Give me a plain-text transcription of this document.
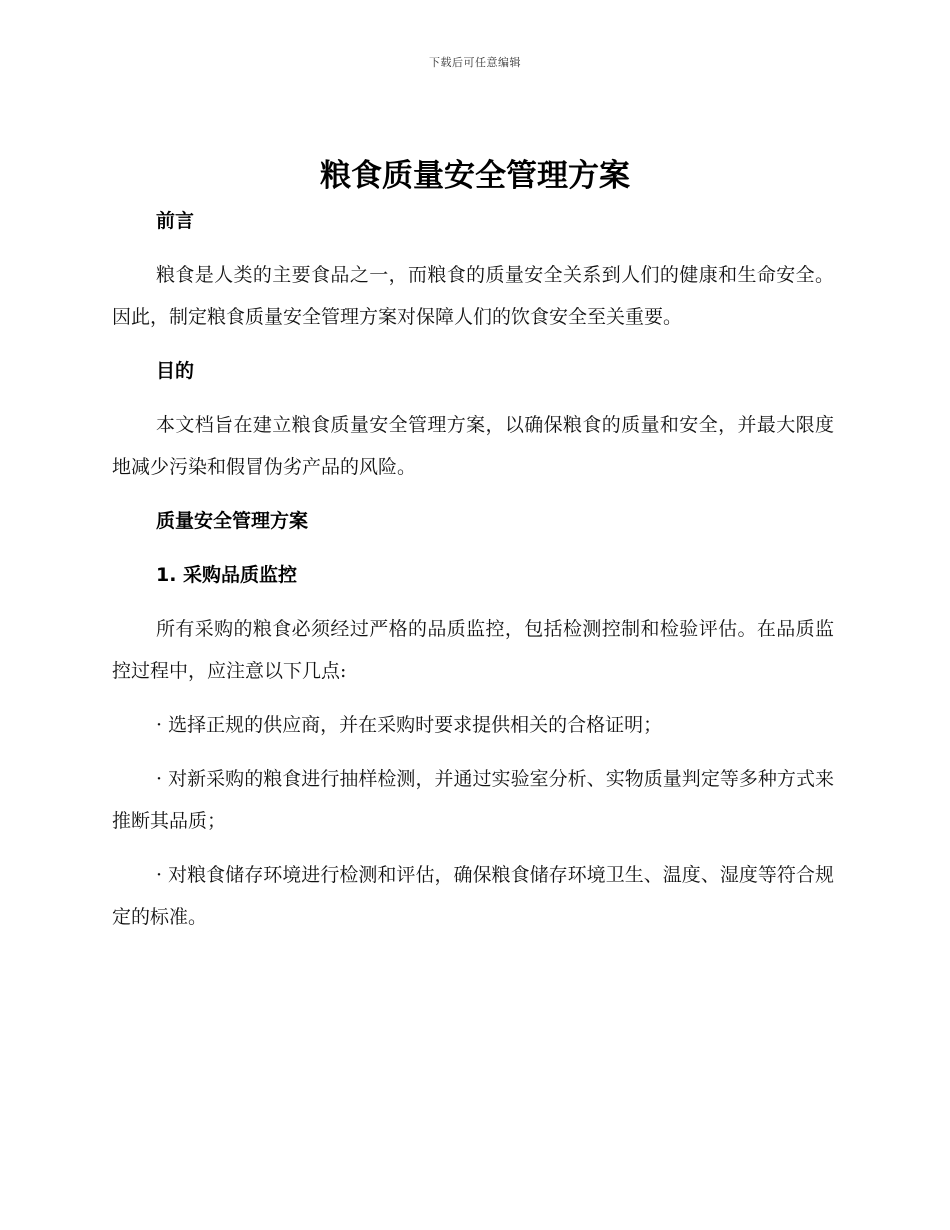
下载后可任意编辑
粮食质量安全管理方案
前言

粮食是人类的主要食品之一，而粮食的质量安全关系到人们的健康和生命安全。因此，制定粮食质量安全管理方案对保障人们的饮食安全至关重要。

目的

本文档旨在建立粮食质量安全管理方案，以确保粮食的质量和安全，并最大限度地减少污染和假冒伪劣产品的风险。

质量安全管理方案
1. 采购品质监控

所有采购的粮食必须经过严格的品质监控，包括检测控制和检验评估。在品质监控过程中，应注意以下几点:

· 选择正规的供应商，并在采购时要求提供相关的合格证明；

· 对新采购的粮食进行抽样检测，并通过实验室分析、实物质量判定等多种方式来推断其品质；

· 对粮食储存环境进行检测和评估，确保粮食储存环境卫生、温度、湿度等符合规定的标准。
